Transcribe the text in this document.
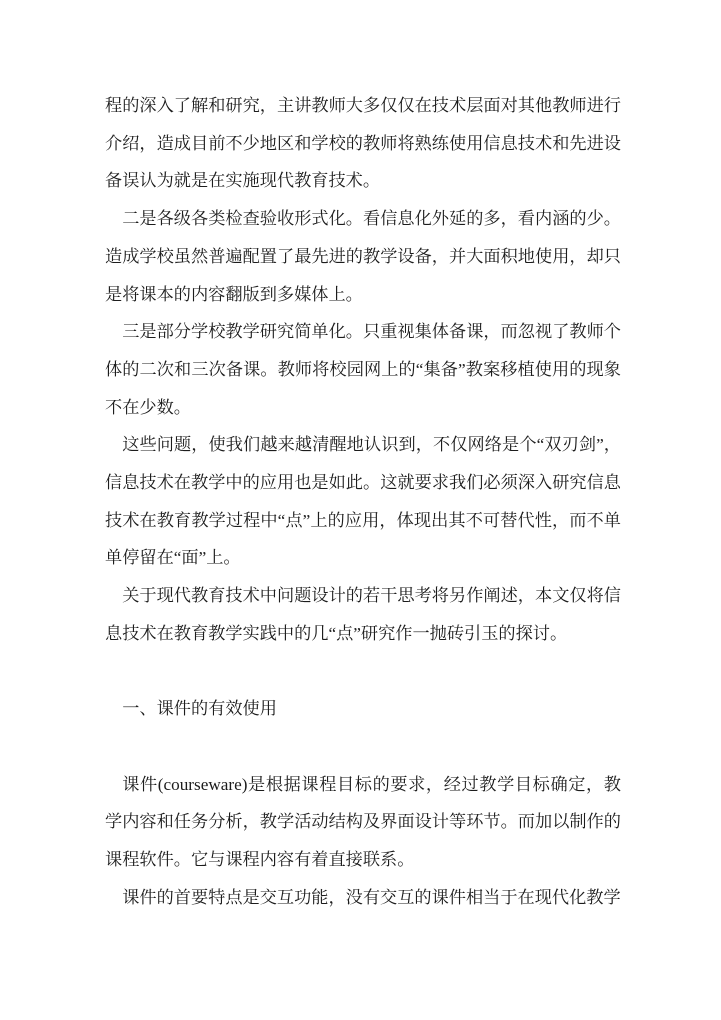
程的深入了解和研究，主讲教师大多仅仅在技术层面对其他教师进行介绍，造成目前不少地区和学校的教师将熟练使用信息技术和先进设备误认为就是在实施现代教育技术。

二是各级各类检查验收形式化。看信息化外延的多，看内涵的少。造成学校虽然普遍配置了最先进的教学设备，并大面积地使用，却只是将课本的内容翻版到多媒体上。

三是部分学校教学研究简单化。只重视集体备课，而忽视了教师个体的二次和三次备课。教师将校园网上的“集备”教案移植使用的现象不在少数。

这些问题，使我们越来越清醒地认识到，不仅网络是个“双刃剑”，信息技术在教学中的应用也是如此。这就要求我们必须深入研究信息技术在教育教学过程中“点”上的应用，体现出其不可替代性，而不单单停留在“面”上。

关于现代教育技术中问题设计的若干思考将另作阐述，本文仅将信息技术在教育教学实践中的几“点”研究作一抛砖引玉的探讨。

一、课件的有效使用

课件(courseware)是根据课程目标的要求，经过教学目标确定，教学内容和任务分析，教学活动结构及界面设计等环节。而加以制作的课程软件。它与课程内容有着直接联系。

课件的首要特点是交互功能，没有交互的课件相当于在现代化教学
